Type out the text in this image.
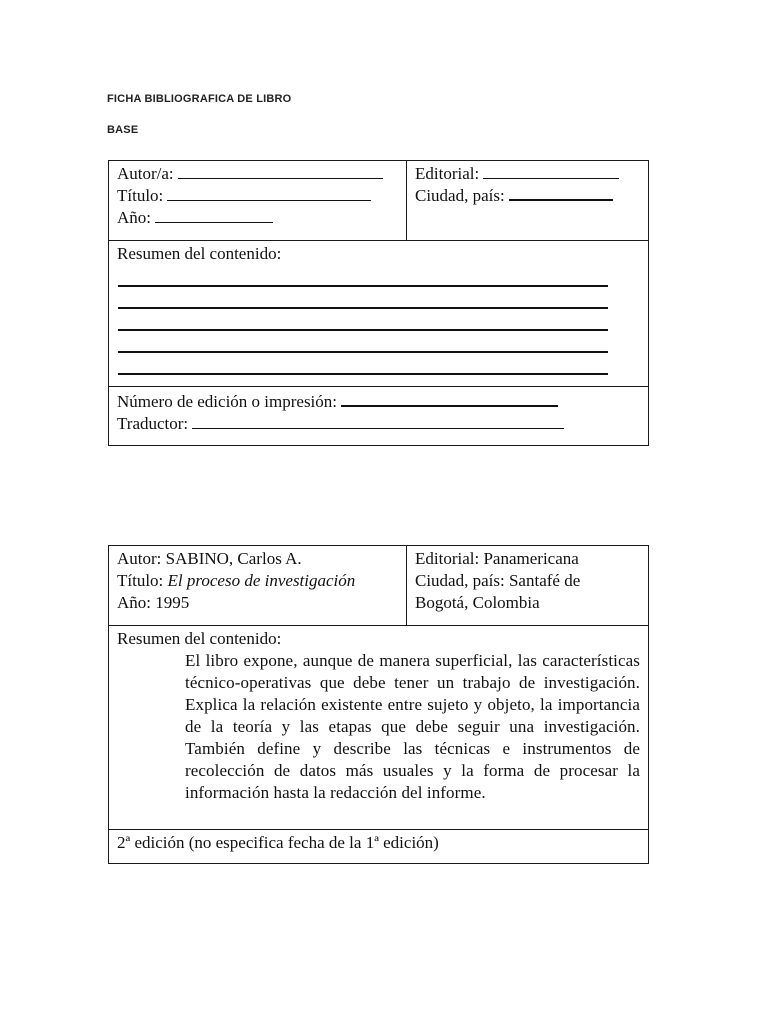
FICHA BIBLIOGRAFICA DE LIBRO
BASE
Autor/a:
Título:
Año:
Editorial:
Ciudad, país:
Resumen del contenido:
Número de edición o impresión:
Traductor:
Autor: SABINO, Carlos A.
Título: El proceso de investigación
Año: 1995
Editorial: Panamericana
Ciudad, país: Santafé de
Bogotá, Colombia
Resumen del contenido:

El libro expone, aunque de manera superficial, las características técnico-operativas que debe tener un trabajo de investigación. Explica la relación existente entre sujeto y objeto, la importancia de la teoría y las etapas que debe seguir una investigación. También define y describe las técnicas e instrumentos de recolección de datos más usuales y la forma de procesar la información hasta la redacción del informe.

2ª edición (no especifica fecha de la 1ª edición)
